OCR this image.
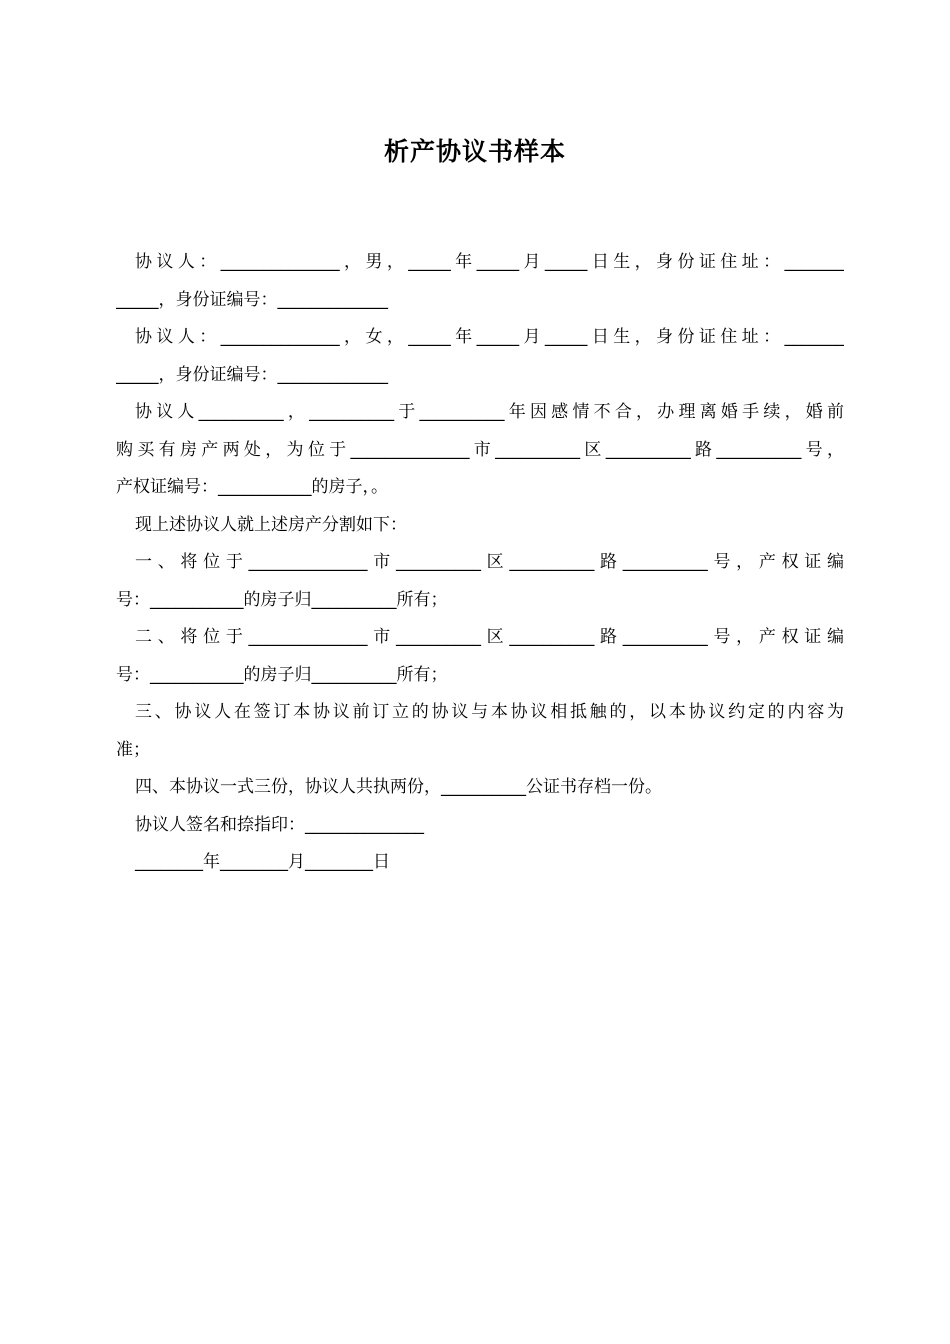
析产协议书样本
协议人：______________，男，_____年_____月_____日生，身份证住址：_______
_____，身份证编号：_____________
协议人：______________，女，_____年_____月_____日生，身份证住址：_______
_____，身份证编号：_____________
协议人__________，__________于__________年因感情不合，办理离婚手续，婚前
购买有房产两处，为位于______________市__________区__________路__________号，
产权证编号：___________的房子，。
现上述协议人就上述房产分割如下：
一、将位于______________市__________区__________路__________号，产权证编
号：___________的房子归__________所有；
二、将位于______________市__________区__________路__________号，产权证编
号：___________的房子归__________所有；
三、协议人在签订本协议前订立的协议与本协议相抵触的，以本协议约定的内容为
准；
四、本协议一式三份，协议人共执两份，__________公证书存档一份。
协议人签名和捺指印：______________
________年________月________日
